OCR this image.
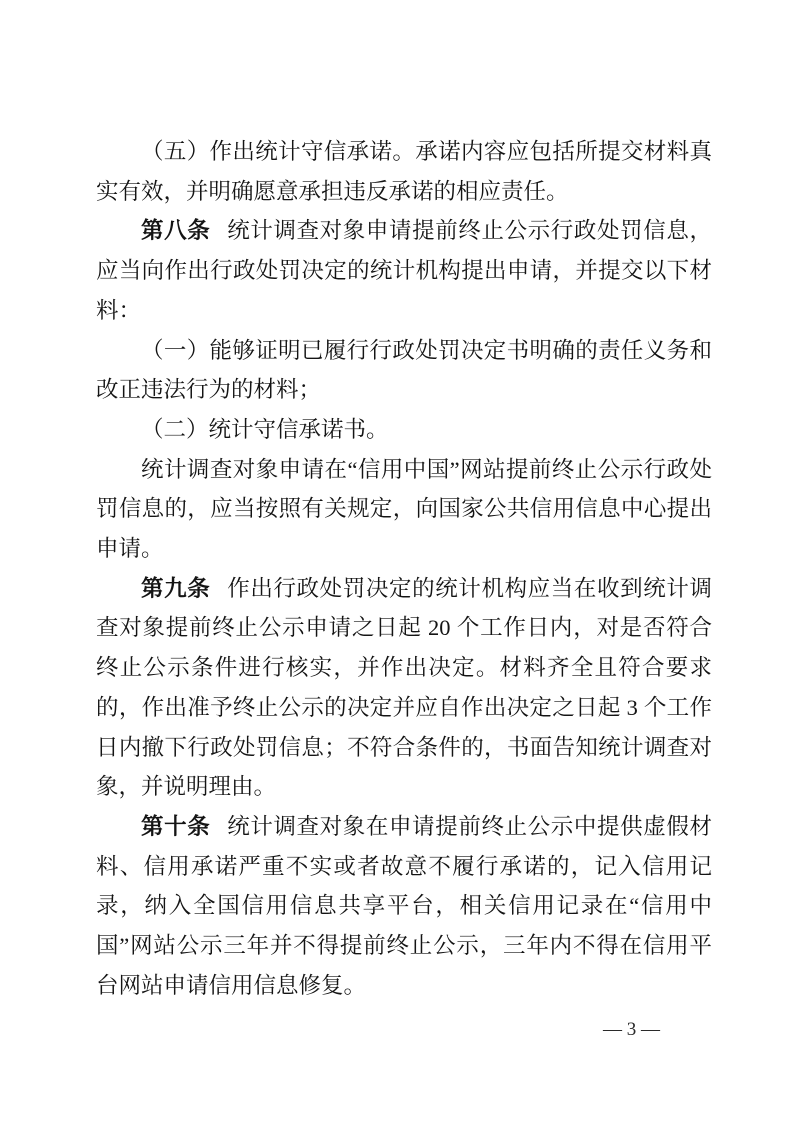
（五）作出统计守信承诺。承诺内容应包括所提交材料真实有效，并明确愿意承担违反承诺的相应责任。

第八条 统计调查对象申请提前终止公示行政处罚信息，应当向作出行政处罚决定的统计机构提出申请，并提交以下材料：

（一）能够证明已履行行政处罚决定书明确的责任义务和改正违法行为的材料；

（二）统计守信承诺书。

统计调查对象申请在“信用中国”网站提前终止公示行政处罚信息的，应当按照有关规定，向国家公共信用信息中心提出申请。

第九条 作出行政处罚决定的统计机构应当在收到统计调查对象提前终止公示申请之日起 20 个工作日内，对是否符合终止公示条件进行核实，并作出决定。材料齐全且符合要求的，作出准予终止公示的决定并应自作出决定之日起 3 个工作日内撤下行政处罚信息；不符合条件的，书面告知统计调查对象，并说明理由。

第十条 统计调查对象在申请提前终止公示中提供虚假材料、信用承诺严重不实或者故意不履行承诺的，记入信用记录，纳入全国信用信息共享平台，相关信用记录在“信用中国”网站公示三年并不得提前终止公示，三年内不得在信用平台网站申请信用信息修复。

— 3 —
